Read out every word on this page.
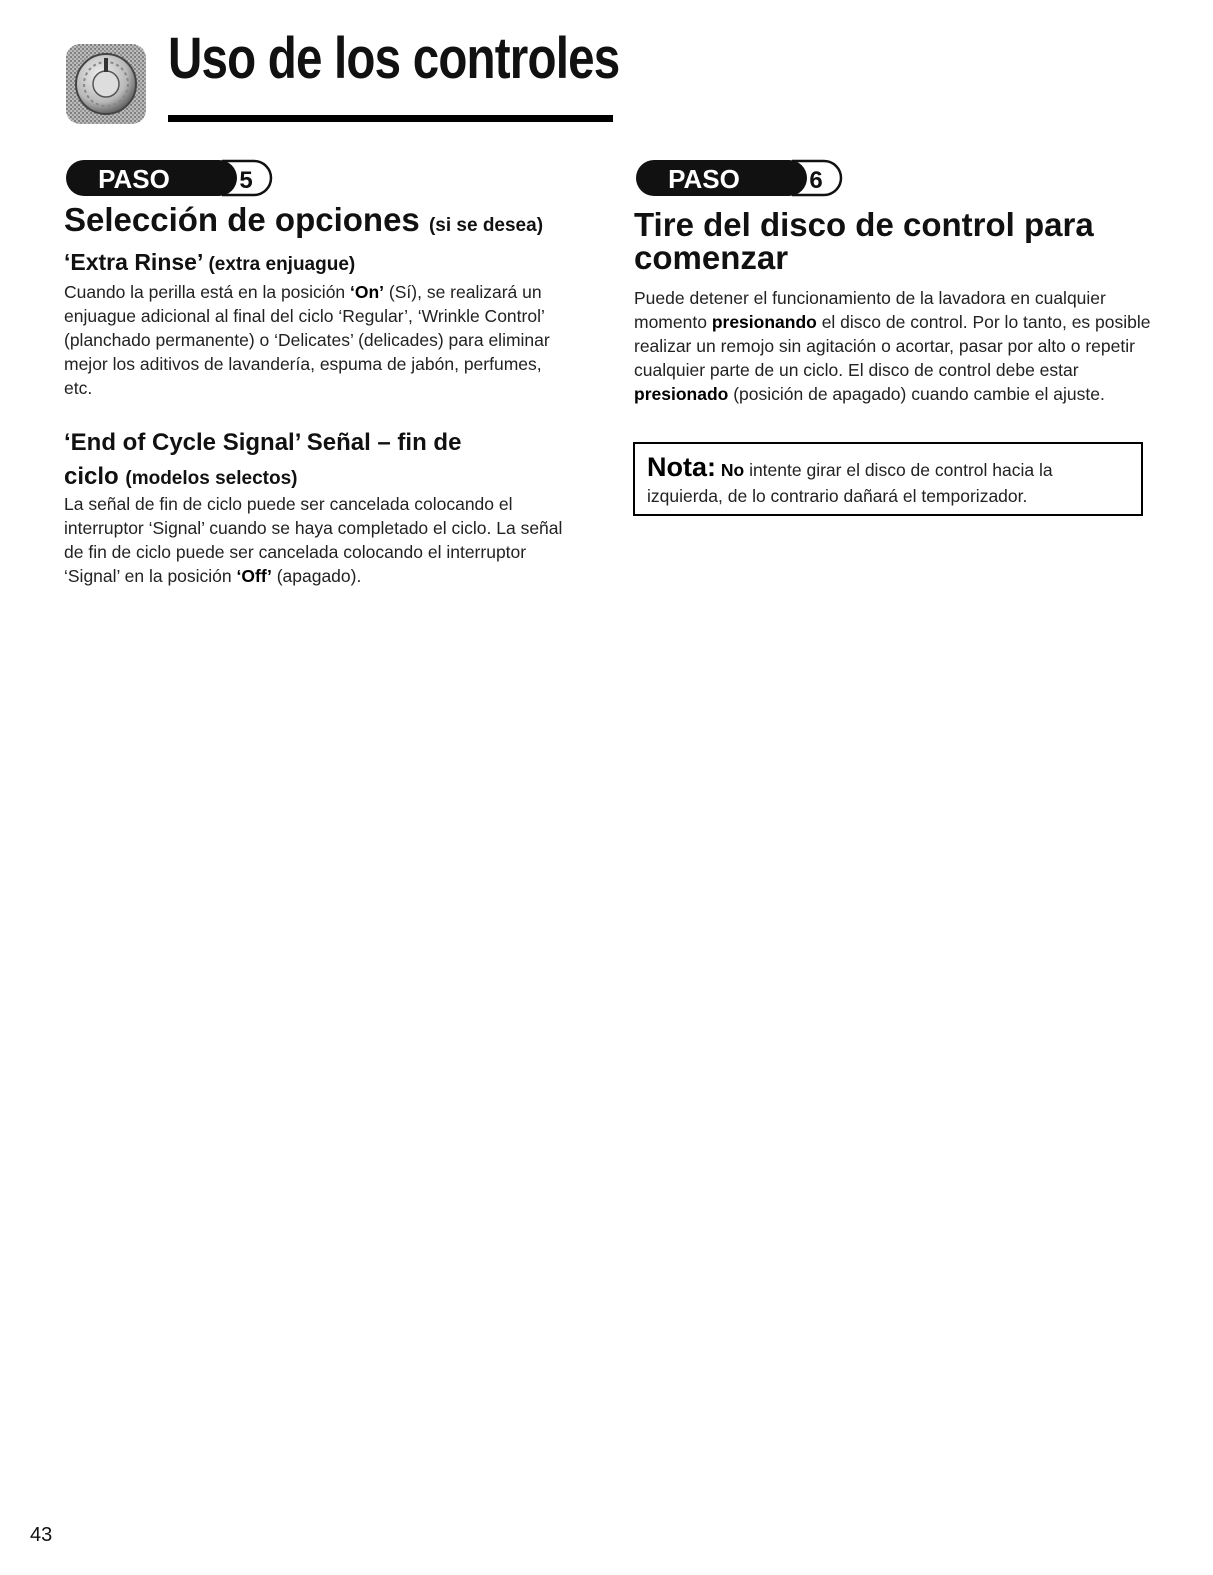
Uso de los controles
PASO	5
Selección de opciones (si se desea)
‘Extra Rinse’ (extra enjuague)
Cuando la perilla está en la posición ‘On’ (Sí), se realizará un enjuague adicional al final del ciclo ‘Regular’, ‘Wrinkle Control’ (planchado permanente) o ‘Delicates’ (delicades) para eliminar mejor los aditivos de lavandería, espuma de jabón, perfumes, etc.
‘End of Cycle Signal’ Señal – fin de
ciclo (modelos selectos)
La señal de fin de ciclo puede ser cancelada colocando el interruptor ‘Signal’ cuando se haya completado el ciclo. La señal de fin de ciclo puede ser cancelada colocando el interruptor ‘Signal’ en la posición ‘Off’ (apagado).
PASO	6
Tire del disco de control para comenzar
Puede detener el funcionamiento de la lavadora en cualquier momento presionando el disco de control. Por lo tanto, es posible realizar un remojo sin agitación o acortar, pasar por alto o repetir cualquier parte de un ciclo. El disco de control debe estar presionado (posición de apagado) cuando cambie el ajuste.
Nota: No intente girar el disco de control hacia la
izquierda, de lo contrario dañará el temporizador.
43
